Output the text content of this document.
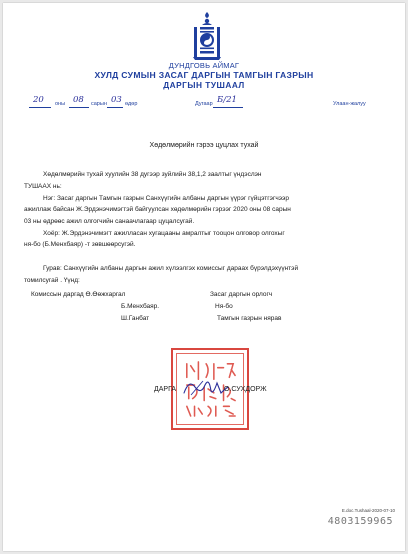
ДУНДГОВЬ АЙМАГ
ХУЛД СУМЫН ЗАСАГ ДАРГЫН ТАМГЫН ГАЗРЫН
ДАРГЫН ТУШААЛ
20 оны 08 сарын 03 өдөр	Дугаар Б/21	Улаан-жалуу
Хөдөлмөрийн гэрээ цуцлах тухай
Хөдөлмөрийн тухай хуулийн 38 дугээр зуйлийн 38,1,2 заалтыг үндэслэн
ТУШААХ нь:
Нэг: Засаг даргын Тамгын газрын Санхүүгийн албаны даргын үүрэг гүйцэтгэгчээр
ажиллаж байсан Ж.Эрдэнэчимэгтэй байгуулсан хөдөлмөрийн гэрээг 2020 оны 08 сарын
03 ны өдрөөс ажил олгогчийн санаачлагаар цуцалсугай.
Хоёр: Ж.Эрдэнэчимэгт ажилласан хугацааны амралтыг тооцон олговор олгохыг
ня-бо (Б.Менхбаяр) -т зөвшөөрсугэй.
Гурав: Санхүүгийн албаны даргын ажил хүлээлгэх комиссыг дараах бүрэлдэхүүнтэй
томилсугай . Үүнд:
Комиссын даргад Ө.Өөжхаргал	Засаг даргын орлогч
Б.Менхбаяр.	Ня-бо
Ш.Ганбат	Тамгын газрын нярав
ДАРГА	О.СУХДОРЖ
E.doc.Tushaal-2020-07-10
4803159965
